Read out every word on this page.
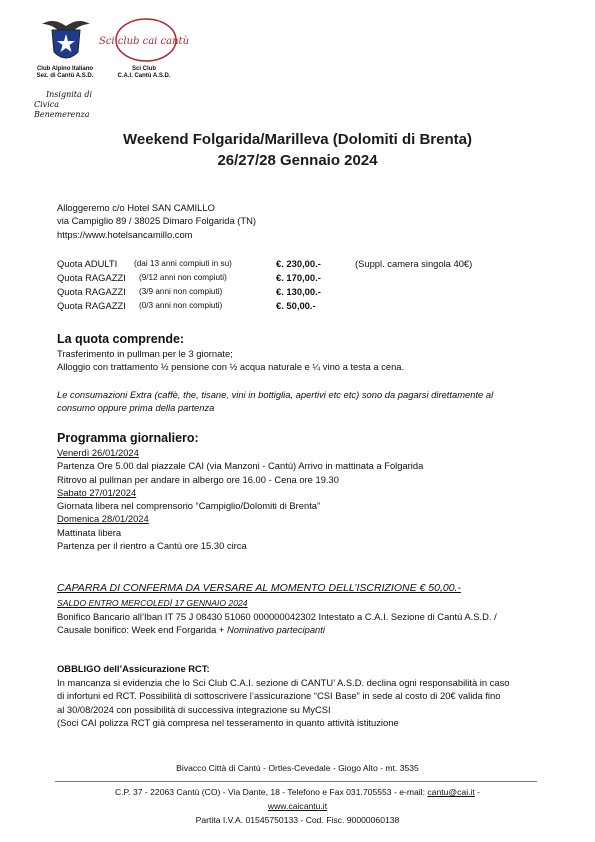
Club Alpino Italiano
Sez. di Cantù A.S.D.
Sci club cai cantù
Sci Club
C.A.I. Cantù A.S.D.
Insignita di
Civica Benemerenza
Weekend Folgarida/Marilleva (Dolomiti di Brenta)
26/27/28 Gennaio 2024
Alloggeremo c/o Hotel SAN CAMILLO
via Campiglio 89 / 38025 Dimaro Folgarida (TN)
https://www.hotelsancamillo.com
Quota ADULTI (dai 13 anni compiuti in su)	€. 230,00.-	(Suppl. camera singola 40€)
Quota RAGAZZI (9/12 anni non compiuti)	€. 170,00.-
Quota RAGAZZI (3/9 anni non compiuti)	€. 130,00.-
Quota RAGAZZI (0/3 anni non compiuti)	€. 50,00.-
La quota comprende:
Trasferimento in pullman per le 3 giornate;
Alloggio con trattamento ½ pensione con ½ acqua naturale e ¼ vino a testa a cena.
Le consumazioni Extra (caffè, the, tisane, vini in bottiglia, apertivi etc etc) sono da pagarsi direttamente al
consumo oppure prima della partenza
Programma giornaliero:
Venerdì 26/01/2024
Partenza Ore 5.00 dal piazzale CAI (via Manzoni - Cantù) Arrivo in mattinata a Folgarida
Ritrovo al pullman per andare in albergo ore 16.00 - Cena ore 19.30
Sabato 27/01/2024
Giornata libera nel comprensorio “Campiglio/Dolomiti di Brenta”
Domenica 28/01/2024
Mattinata libera
Partenza per il rientro a Cantù ore 15.30 circa
CAPARRA DI CONFERMA DA VERSARE AL MOMENTO DELL’ISCRIZIONE € 50,00.-
SALDO ENTRO MERCOLEDÌ 17 GENNAIO 2024
Bonifico Bancario all’Iban IT 75 J 08430 51060 000000042302 Intestato a C.A.I. Sezione di Cantù A.S.D. /
Causale bonifico: Week end Forgarida + Nominativo partecipanti
OBBLIGO dell’Assicurazione RCT:
In mancanza si evidenzia che lo Sci Club C.A.I. sezione di CANTU’ A.S.D. declina ogni responsabilità in caso
di infortuni ed RCT. Possibilità di sottoscrivere l’assicurazione “CSI Base” in sede al costo di 20€ valida fino
al 30/08/2024 con possibilità di successiva integrazione su MyCSI
(Soci CAI polizza RCT già compresa nel tesseramento in quanto attività istituzione
Bivacco Città di Cantù - Ortles-Cevedale - Giogo Alto - mt. 3535
C.P. 37 - 22063 Cantù (CO) - Via Dante, 18 - Telefono e Fax 031.705553 - e-mail: cantu@cai.it -
www.caicantu.it
Partita I.V.A. 01545750133 - Cod. Fisc. 90000060138
